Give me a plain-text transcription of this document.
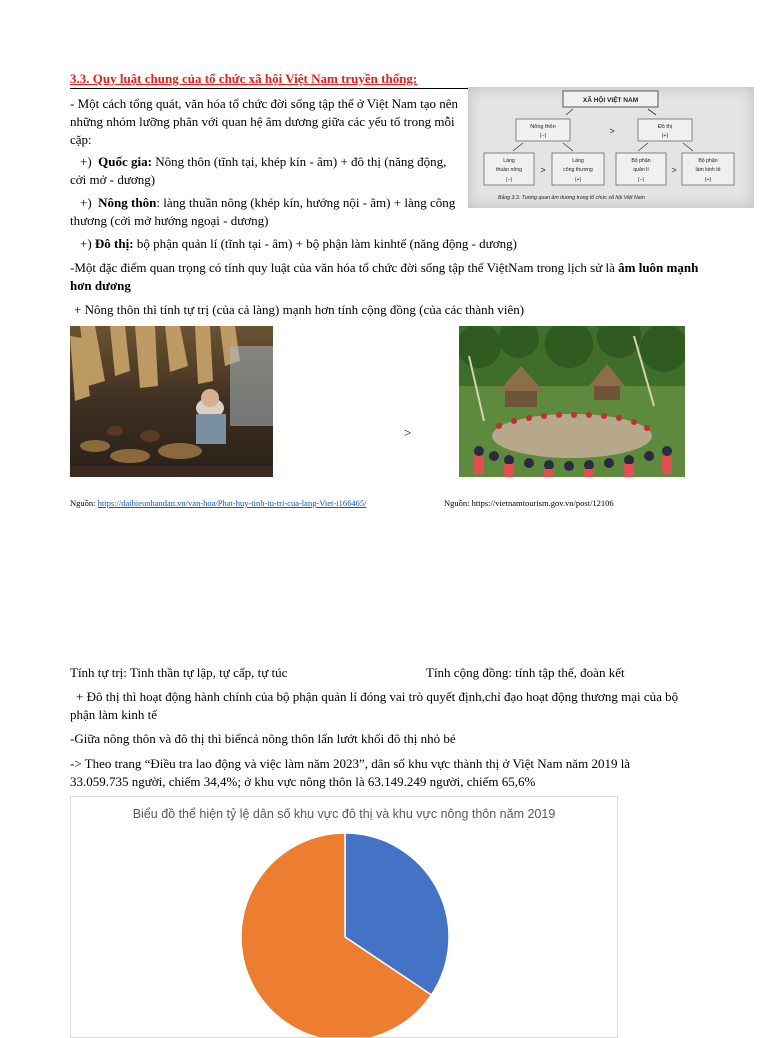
3.3. Quy luật chung của tổ chức xã hội Việt Nam truyền thống:
- Một cách tổng quát, văn hóa tổ chức đời sống tập thể ở Việt Nam tạo nên những nhóm lưỡng phân với quan hệ âm dương giữa các yếu tố trong mỗi cặp:
+) Quốc gia: Nông thôn (tĩnh tại, khép kín - âm) + đô thị (năng động, cởi mở - dương)
+) Nông thôn: làng thuần nông (khép kín, hướng nội - âm) + làng công thương (cởi mở hướng ngoại - dương)
XÃ HỘI VIỆT NAM
Nông thôn
(−)	>	Đô thị
(+)
Làng
thuần nông
(−)
>
Làng
công thương
(+)
Bộ phận
quản lí
(−)
>
Bộ phận
làm kinh tế
(+)
Bảng 3.3. Tương quan âm dương trong tổ chức xã hội Việt Nam
+) Đô thị: bộ phận quản lí (tĩnh tại - âm) + bộ phận làm kinhtế (năng động - dương)
-Một đặc điểm quan trọng có tính quy luật của văn hóa tổ chức đời sống tập thể ViệtNam trong lịch sử là âm luôn mạnh hơn dương
+ Nông thôn thì tính tự trị (của cả làng) mạnh hơn tính cộng đồng (của các thành viên)
>
Nguồn: https://daibieunhandan.vn/van-hoa/Phat-huy-tinh-tu-tri-cua-lang-Viet-i166465/	Nguồn: https://vietnamtourism.gov.vn/post/12106
Tính tự trị: Tinh thần tự lập, tự cấp, tự túc	Tính cộng đồng: tính tập thể, đoàn kết
+ Đô thị thì hoạt động hành chính của bộ phận quản lí đóng vai trò quyết định,chỉ đạo hoạt động thương mại của bộ phận làm kinh tế
-Giữa nông thôn và đô thị thì biểncả nông thôn lấn lướt khối đô thị nhỏ bé
-> Theo trang “Điều tra lao động và việc làm năm 2023”, dân số khu vực thành thị ở Việt Nam năm 2019 là 33.059.735 người, chiếm 34,4%; ở khu vực nông thôn là 63.149.249 người, chiếm 65,6%
Biểu đồ thể hiện tỷ lệ dân số khu vực đô thị và khu vực nông thôn năm 2019
